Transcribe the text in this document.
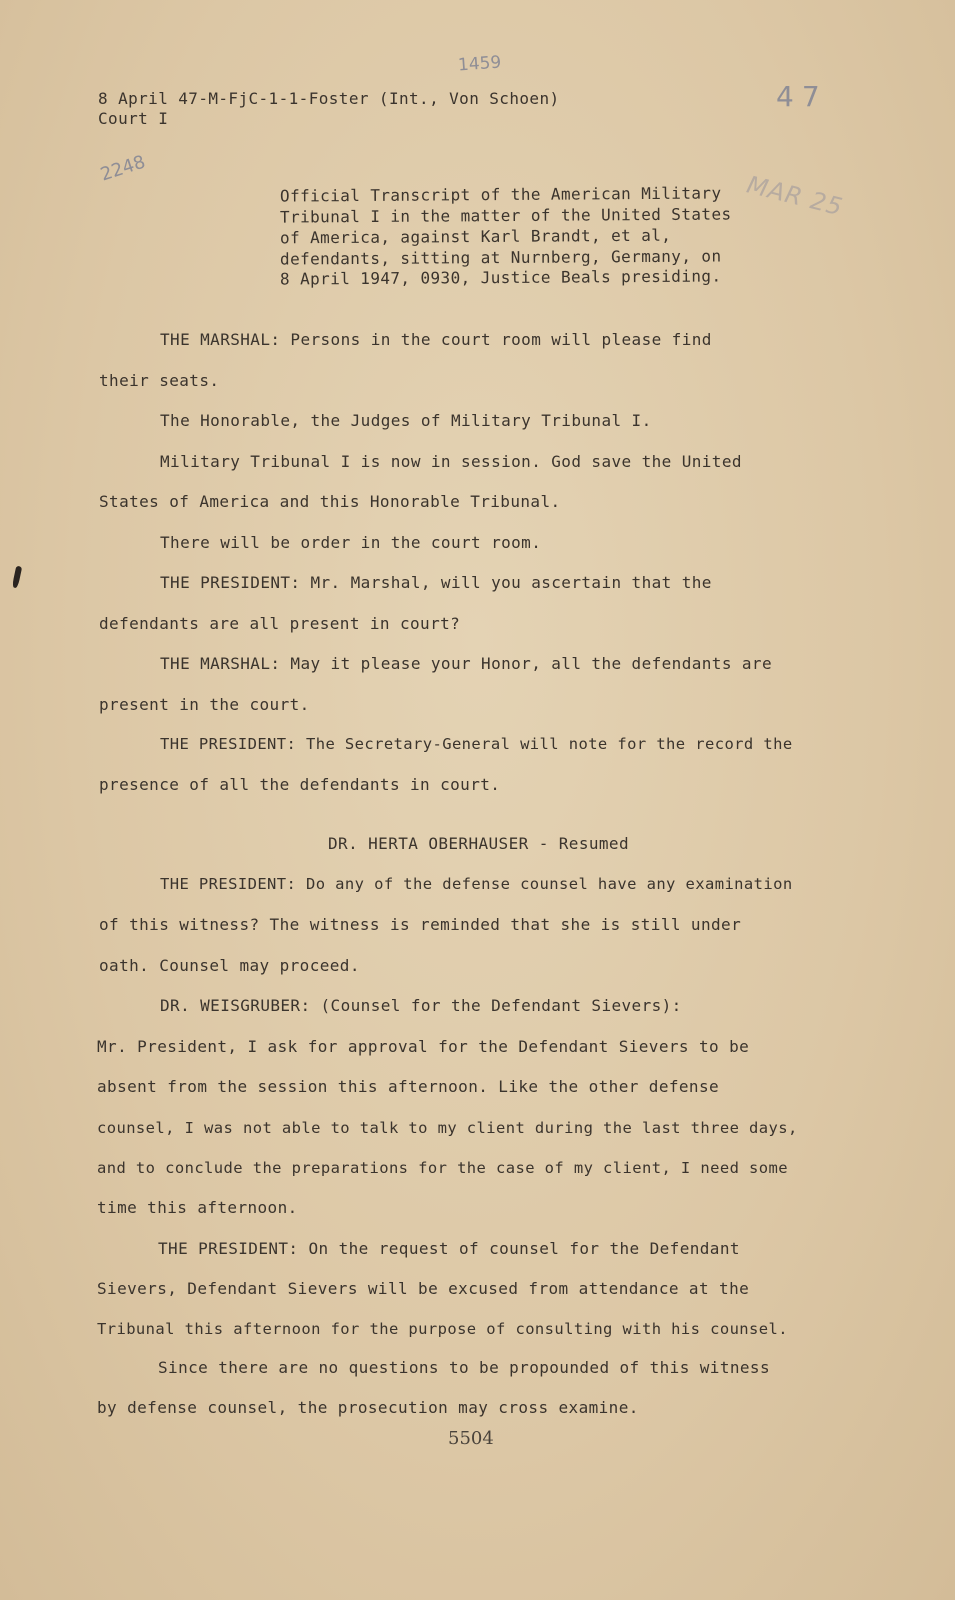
8 April 47-M-FjC-1-1-Foster (Int., Von Schoen)
Court I
1459
47
2248
MAR 25
Official Transcript of the American Military
Tribunal I in the matter of the United States
of America, against Karl Brandt, et al,
defendants, sitting at Nurnberg, Germany, on
8 April 1947, 0930, Justice Beals presiding.
THE MARSHAL: Persons in the court room will please find
their seats.
The Honorable, the Judges of Military Tribunal I.
Military Tribunal I is now in session. God save the United
States of America and this Honorable Tribunal.
There will be order in the court room.
THE PRESIDENT: Mr. Marshal, will you ascertain that the
defendants are all present in court?
THE MARSHAL: May it please your Honor, all the defendants are
present in the court.
THE PRESIDENT: The Secretary-General will note for the record the
presence of all the defendants in court.
DR. HERTA OBERHAUSER - Resumed
THE PRESIDENT: Do any of the defense counsel have any examination
of this witness? The witness is reminded that she is still under
oath. Counsel may proceed.
DR. WEISGRUBER: (Counsel for the Defendant Sievers):
Mr. President, I ask for approval for the Defendant Sievers to be
absent from the session this afternoon. Like the other defense
counsel, I was not able to talk to my client during the last three days,
and to conclude the preparations for the case of my client, I need some
time this afternoon.
THE PRESIDENT: On the request of counsel for the Defendant
Sievers, Defendant Sievers will be excused from attendance at the
Tribunal this afternoon for the purpose of consulting with his counsel.
Since there are no questions to be propounded of this witness
by defense counsel, the prosecution may cross examine.
5504
